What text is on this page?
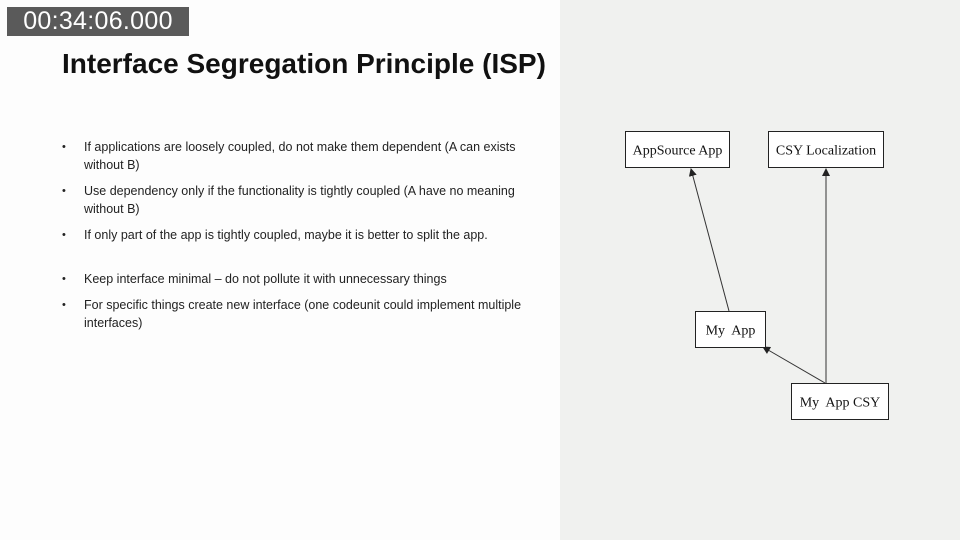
00:34:06.000
Interface Segregation Principle (ISP)
• If applications are loosely coupled, do not make them dependent (A can exists without B)
• Use dependency only if the functionality is tightly coupled (A have no meaning without B)
• If only part of the app is tightly coupled, maybe it is better to split the app.
• Keep interface minimal – do not pollute it with unnecessary things
• For specific things create new interface (one codeunit could implement multiple interfaces)
AppSource App	CSY Localization
My  App
My  App CSY
